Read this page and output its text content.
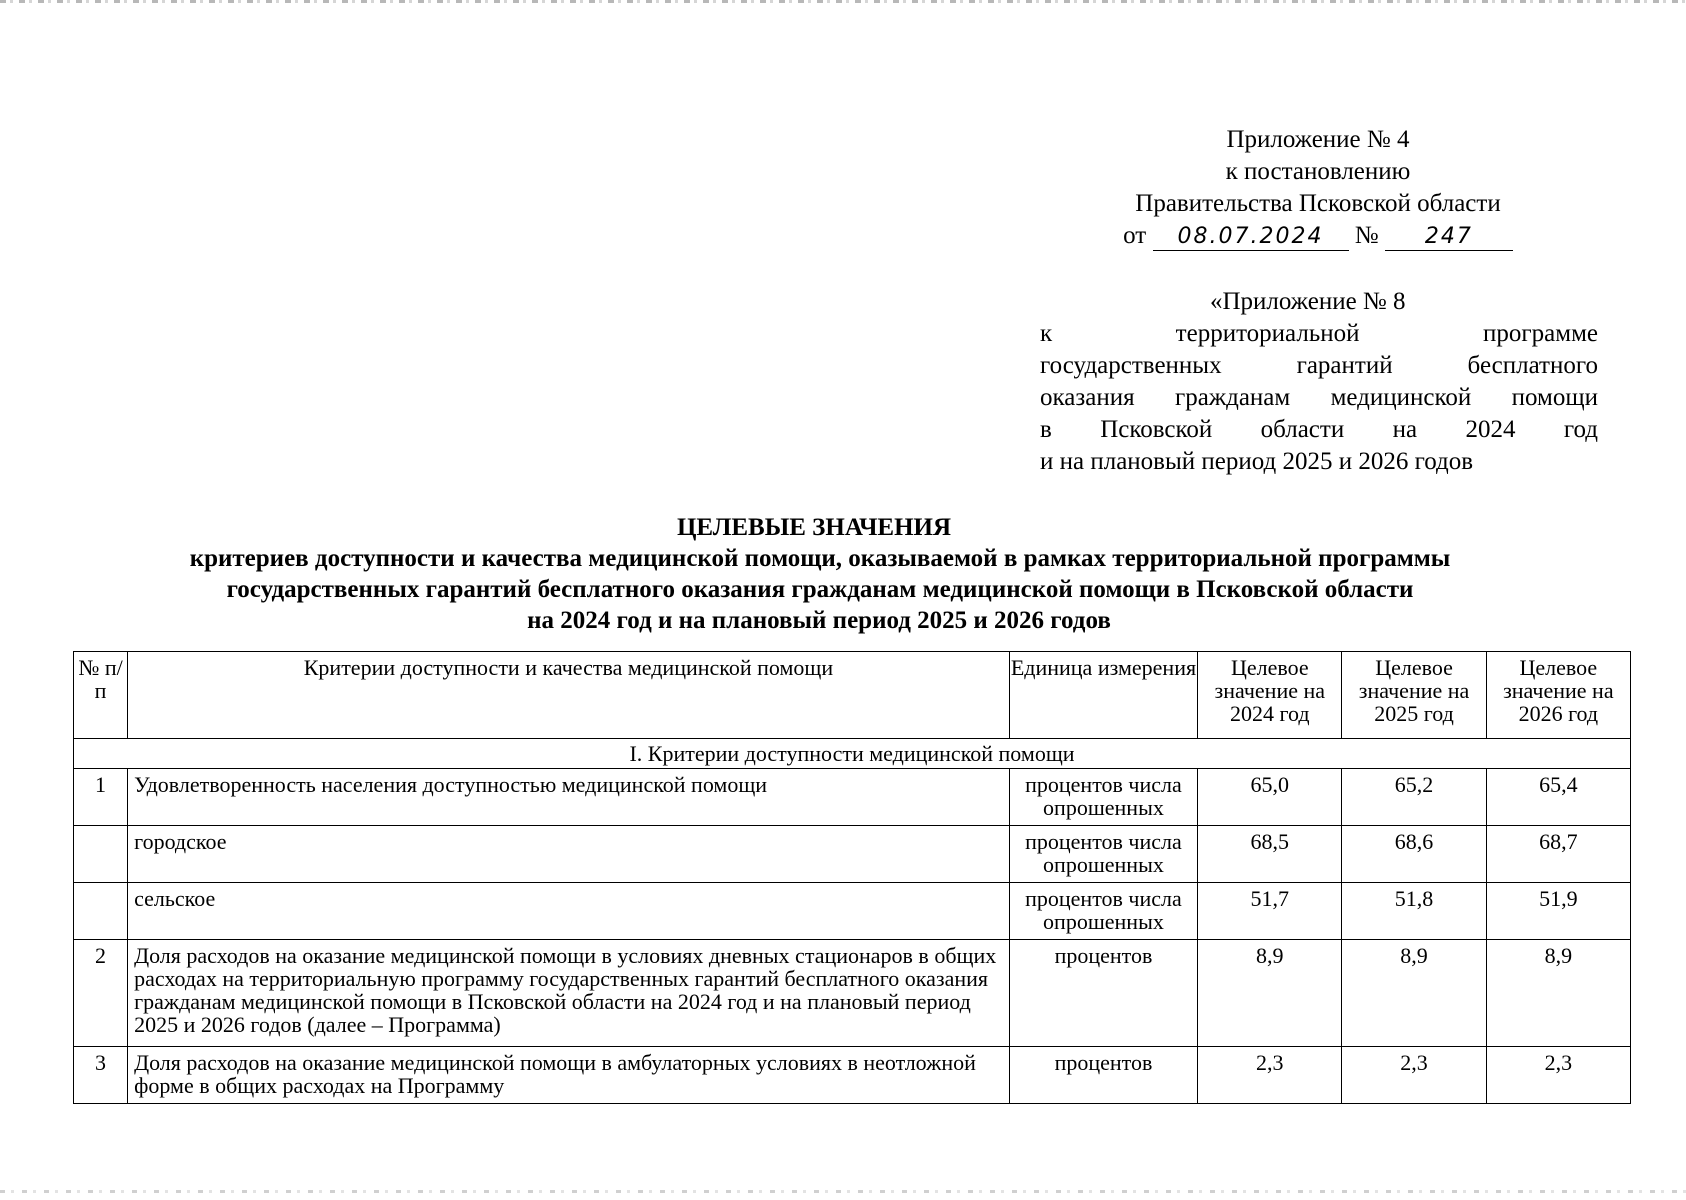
Приложение № 4
к постановлению
Правительства Псковской области
от 08.07.2024 № 247
«Приложение № 8
к территориальной программе
государственных гарантий бесплатного
оказания гражданам медицинской помощи
в Псковской области на 2024 год
и на плановый период 2025 и 2026 годов
ЦЕЛЕВЫЕ ЗНАЧЕНИЯ
критериев доступности и качества медицинской помощи, оказываемой в рамках территориальной программы
государственных гарантий бесплатного оказания гражданам медицинской помощи в Псковской области
на 2024 год и на плановый период 2025 и 2026 годов
№ п/п	Критерии доступности и качества медицинской помощи	Единица измерения	Целевое значение на 2024 год	Целевое значение на 2025 год	Целевое значение на 2026 год
I. Критерии доступности медицинской помощи					
1	Удовлетворенность населения доступностью медицинской помощи	процентов числа опрошенных	65,0	65,2	65,4
	городское	процентов числа опрошенных	68,5	68,6	68,7
	сельское	процентов числа опрошенных	51,7	51,8	51,9
2	Доля расходов на оказание медицинской помощи в условиях дневных стационаров в общих расходах на территориальную программу государственных гарантий бесплатного оказания гражданам медицинской помощи в Псковской области на 2024 год и на плановый период 2025 и 2026 годов (далее – Программа)	процентов	8,9	8,9	8,9
3	Доля расходов на оказание медицинской помощи в амбулаторных условиях в неотложной форме в общих расходах на Программу	процентов	2,3	2,3	2,3
